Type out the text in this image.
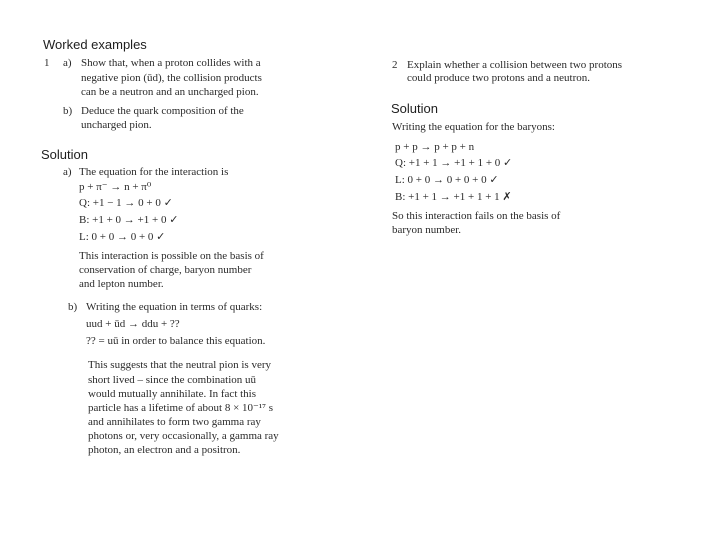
Worked examples
1 a) Show that, when a proton collides with a
negative pion (ūd), the collision products
can be a neutron and an uncharged pion.
b) Deduce the quark composition of the
uncharged pion.
Solution
a) The equation for the interaction is
p + π⁻ → n + π⁰
Q: +1 − 1 → 0 + 0 ✓
B: +1 + 0 → +1 + 0 ✓
L: 0 + 0 → 0 + 0 ✓
This interaction is possible on the basis of
conservation of charge, baryon number
and lepton number.
b) Writing the equation in terms of quarks:
uud + ūd → ddu + ??
?? = uū in order to balance this equation.
This suggests that the neutral pion is very
short lived – since the combination uū
would mutually annihilate. In fact this
particle has a lifetime of about 8 × 10⁻¹⁷ s
and annihilates to form two gamma ray
photons or, very occasionally, a gamma ray
photon, an electron and a positron.
2 Explain whether a collision between two protons
could produce two protons and a neutron.
Solution
Writing the equation for the baryons:
p + p → p + p + n
Q: +1 + 1 → +1 + 1 + 0 ✓
L: 0 + 0 → 0 + 0 + 0 ✓
B: +1 + 1 → +1 + 1 + 1 ✗
So this interaction fails on the basis of
baryon number.
